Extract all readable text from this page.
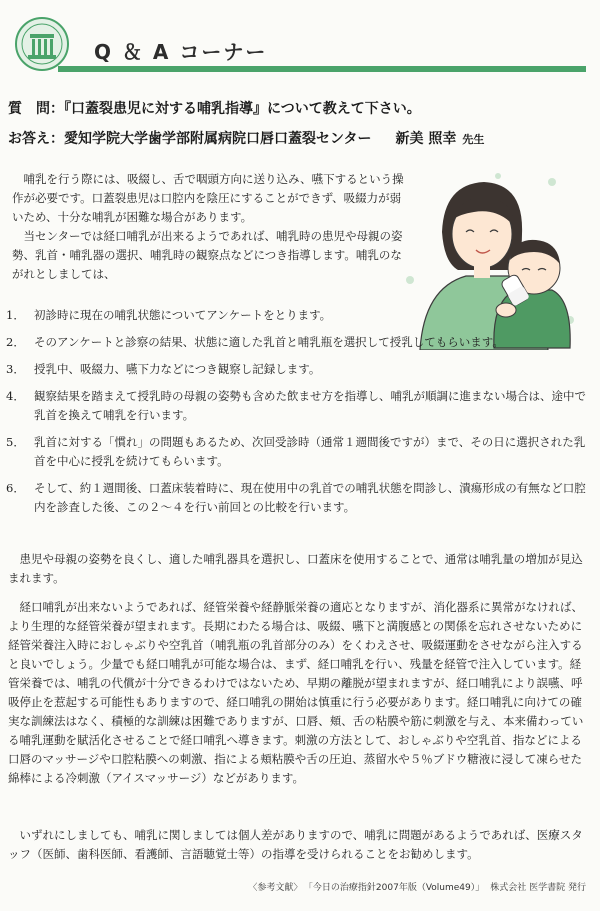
Q ＆ A コーナー
質　問：『口蓋裂患児に対する哺乳指導』について教えて下さい。
お答え：愛知学院大学歯学部附属病院口唇口蓋裂センター 新美 照幸 先生

哺乳を行う際には、吸綴し、舌で咽頭方向に送り込み、嚥下するという操作が必要です。口蓋裂患児は口腔内を陰圧にすることができず、吸綴力が弱いため、十分な哺乳が困難な場合があります。

当センターでは経口哺乳が出来るようであれば、哺乳時の患児や母親の姿勢、乳首・哺乳器の選択、哺乳時の観察点などにつき指導します。哺乳のながれとしましては、

1． 初診時に現在の哺乳状態についてアンケートをとります。
2． そのアンケートと診察の結果、状態に適した乳首と哺乳瓶を選択して授乳してもらいます。
3． 授乳中、吸綴力、嚥下力などにつき観察し記録します。
4． 観察結果を踏まえて授乳時の母親の姿勢も含めた飲ませ方を指導し、哺乳が順調に進まない場合は、途中で乳首を換えて哺乳を行います。
5． 乳首に対する「慣れ」の問題もあるため、次回受診時（通常１週間後ですが）まで、その日に選択された乳首を中心に授乳を続けてもらいます。
6． そして、約１週間後、口蓋床装着時に、現在使用中の乳首での哺乳状態を問診し、潰瘍形成の有無など口腔内を診査した後、この２〜４を行い前回との比較を行います。

患児や母親の姿勢を良くし、適した哺乳器具を選択し、口蓋床を使用することで、通常は哺乳量の増加が見込まれます。

経口哺乳が出来ないようであれば、経管栄養や経静脈栄養の適応となりますが、消化器系に異常がなければ、より生理的な経管栄養が望まれます。長期にわたる場合は、吸綴、嚥下と満腹感との関係を忘れさせないために経管栄養注入時におしゃぶりや空乳首（哺乳瓶の乳首部分のみ）をくわえさせ、吸綴運動をさせながら注入すると良いでしょう。少量でも経口哺乳が可能な場合は、まず、経口哺乳を行い、残量を経管で注入しています。経管栄養では、哺乳の代償が十分できるわけではないため、早期の離脱が望まれますが、経口哺乳により誤嚥、呼吸停止を惹起する可能性もありますので、経口哺乳の開始は慎重に行う必要があります。経口哺乳に向けての確実な訓練法はなく、積極的な訓練は困難でありますが、口唇、頬、舌の粘膜や筋に刺激を与え、本来備わっている哺乳運動を賦活化させることで経口哺乳へ導きます。刺激の方法として、おしゃぶりや空乳首、指などによる口唇のマッサージや口腔粘膜への刺激、指による頬粘膜や舌の圧迫、蒸留水や５％ブドウ糖液に浸して凍らせた綿棒による冷刺激（アイスマッサージ）などがあります。

いずれにしましても、哺乳に関しましては個人差がありますので、哺乳に問題があるようであれば、医療スタッフ（医師、歯科医師、看護師、言語聴覚士等）の指導を受けられることをお勧めします。

〈参考文献〉 「今日の治療指針2007年版（Volume49）」 株式会社 医学書院 発行
